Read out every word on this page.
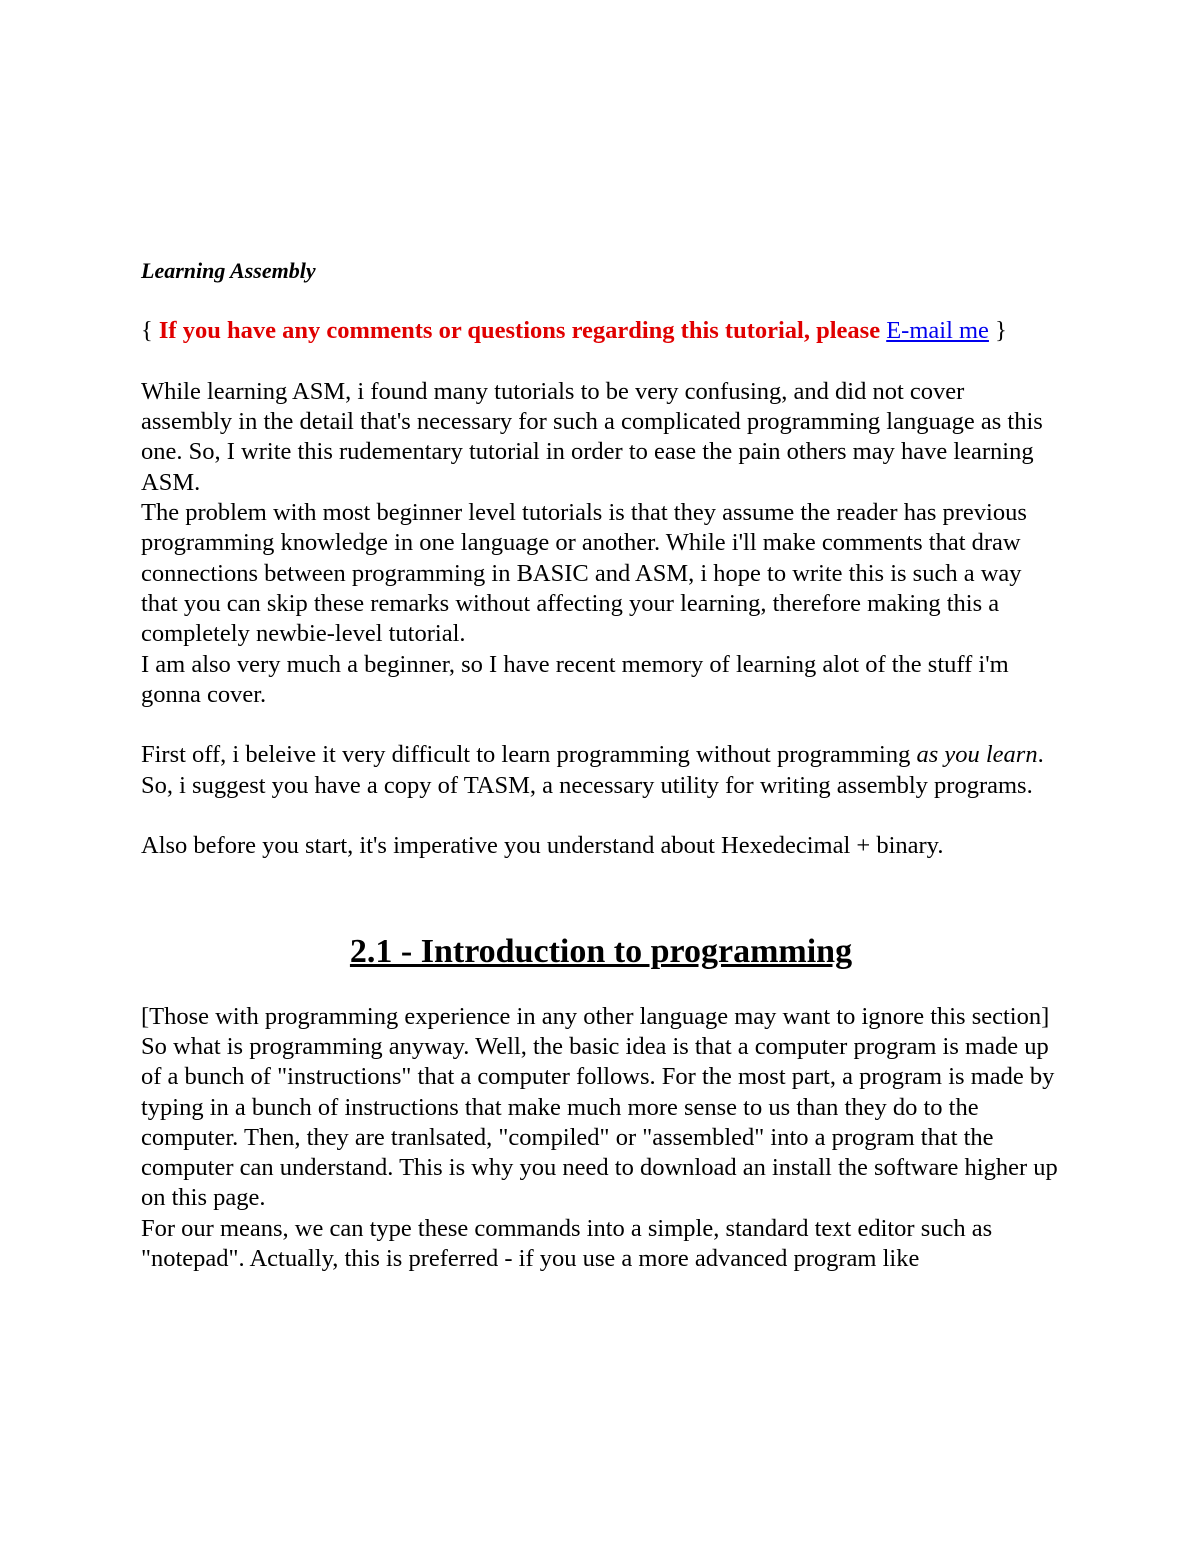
Learning Assembly

{ If you have any comments or questions regarding this tutorial, please E-mail me }

While learning ASM, i found many tutorials to be very confusing, and did not cover assembly in the detail that's necessary for such a complicated programming language as this one. So, I write this rudementary tutorial in order to ease the pain others may have learning ASM.

The problem with most beginner level tutorials is that they assume the reader has previous programming knowledge in one language or another. While i'll make comments that draw connections between programming in BASIC and ASM, i hope to write this is such a way that you can skip these remarks without affecting your learning, therefore making this a completely newbie-level tutorial.

I am also very much a beginner, so I have recent memory of learning alot of the stuff i'm gonna cover.

First off, i beleive it very difficult to learn programming without programming as you learn. So, i suggest you have a copy of TASM, a necessary utility for writing assembly programs.

Also before you start, it's imperative you understand about Hexedecimal + binary.

2.1 - Introduction to programming

[Those with programming experience in any other language may want to ignore this section]

So what is programming anyway. Well, the basic idea is that a computer program is made up of a bunch of "instructions" that a computer follows. For the most part, a program is made by typing in a bunch of instructions that make much more sense to us than they do to the computer. Then, they are tranlsated, "compiled" or "assembled" into a program that the computer can understand. This is why you need to download an install the software higher up on this page.

For our means, we can type these commands into a simple, standard text editor such as "notepad". Actually, this is preferred - if you use a more advanced program like
